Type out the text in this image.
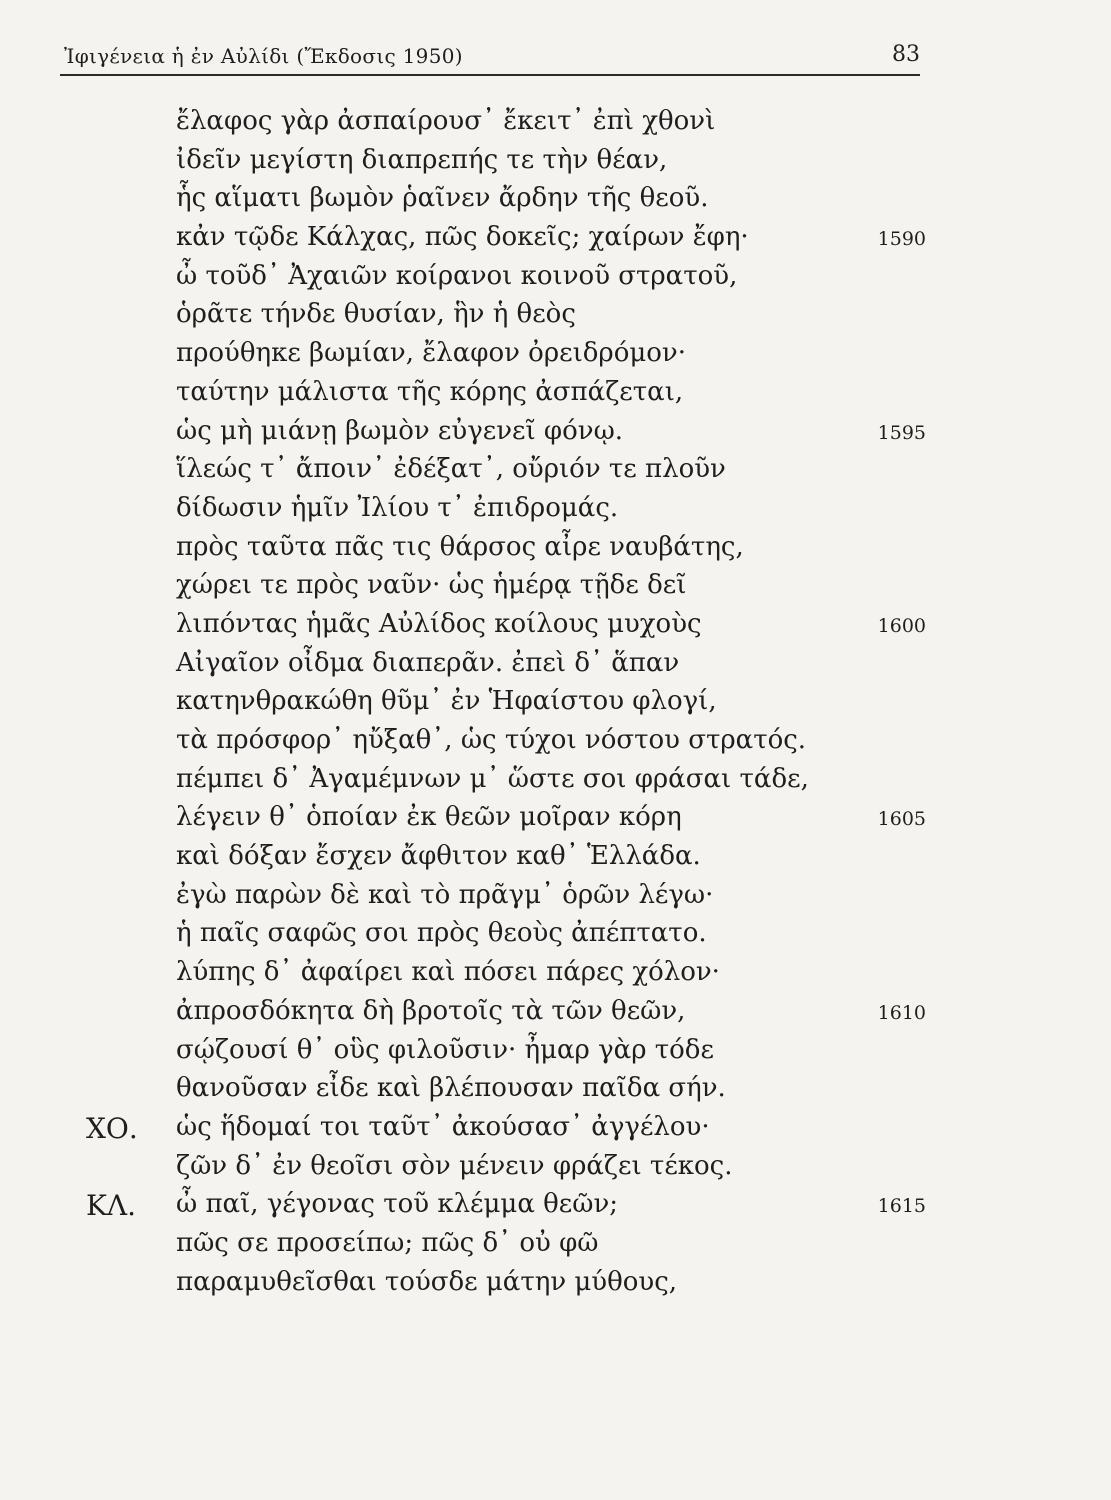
Ἰφιγένεια ἡ ἐν Αὐλίδι (Ἔκδοσις 1950)	83
ἔλαφος γὰρ ἀσπαίρουσ᾽ ἔκειτ᾽ ἐπὶ χθονὶ
ἰδεῖν μεγίστη διαπρεπής τε τὴν θέαν,
ἧς αἵματι βωμὸν ῥαῖνεν ἄρδην τῆς θεοῦ.
κἀν τῷδε Κάλχας, πῶς δοκεῖς; χαίρων ἔφη·	1590
ὦ τοῦδ᾽ Ἀχαιῶν κοίρανοι κοινοῦ στρατοῦ,
ὁρᾶτε τήνδε θυσίαν, ἣν ἡ θεὸς
προύθηκε βωμίαν, ἔλαφον ὀρειδρόμον·
ταύτην μάλιστα τῆς κόρης ἀσπάζεται,
ὡς μὴ μιάνῃ βωμὸν εὐγενεῖ φόνῳ.	1595
ἵλεώς τ᾽ ἄποιν᾽ ἐδέξατ᾽, οὔριόν τε πλοῦν
δίδωσιν ἡμῖν Ἰλίου τ᾽ ἐπιδρομάς.
πρὸς ταῦτα πᾶς τις θάρσος αἶρε ναυβάτης,
χώρει τε πρὸς ναῦν· ὡς ἡμέρᾳ τῇδε δεῖ
λιπόντας ἡμᾶς Αὐλίδος κοίλους μυχοὺς	1600
Αἰγαῖον οἶδμα διαπερᾶν. ἐπεὶ δ᾽ ἅπαν
κατηνθρακώθη θῦμ᾽ ἐν Ἡφαίστου φλογί,
τὰ πρόσφορ᾽ ηὔξαθ᾽, ὡς τύχοι νόστου στρατός.
πέμπει δ᾽ Ἀγαμέμνων μ᾽ ὥστε σοι φράσαι τάδε,
λέγειν θ᾽ ὁποίαν ἐκ θεῶν μοῖραν κόρη	1605
καὶ δόξαν ἔσχεν ἄφθιτον καθ᾽ Ἑλλάδα.
ἐγὼ παρὼν δὲ καὶ τὸ πρᾶγμ᾽ ὁρῶν λέγω·
ἡ παῖς σαφῶς σοι πρὸς θεοὺς ἀπέπτατο.
λύπης δ᾽ ἀφαίρει καὶ πόσει πάρες χόλον·
ἀπροσδόκητα δὴ βροτοῖς τὰ τῶν θεῶν,	1610
σῴζουσί θ᾽ οὓς φιλοῦσιν· ἦμαρ γὰρ τόδε
θανοῦσαν εἶδε καὶ βλέπουσαν παῖδα σήν.
ΧΟ. ὡς ἥδομαί τοι ταῦτ᾽ ἀκούσασ᾽ ἀγγέλου·
ζῶν δ᾽ ἐν θεοῖσι σὸν μένειν φράζει τέκος.
ΚΛ. ὦ παῖ, γέγονας τοῦ κλέμμα θεῶν;	1615
πῶς σε προσείπω; πῶς δ᾽ οὐ φῶ
παραμυθεῖσθαι τούσδε μάτην μύθους,
